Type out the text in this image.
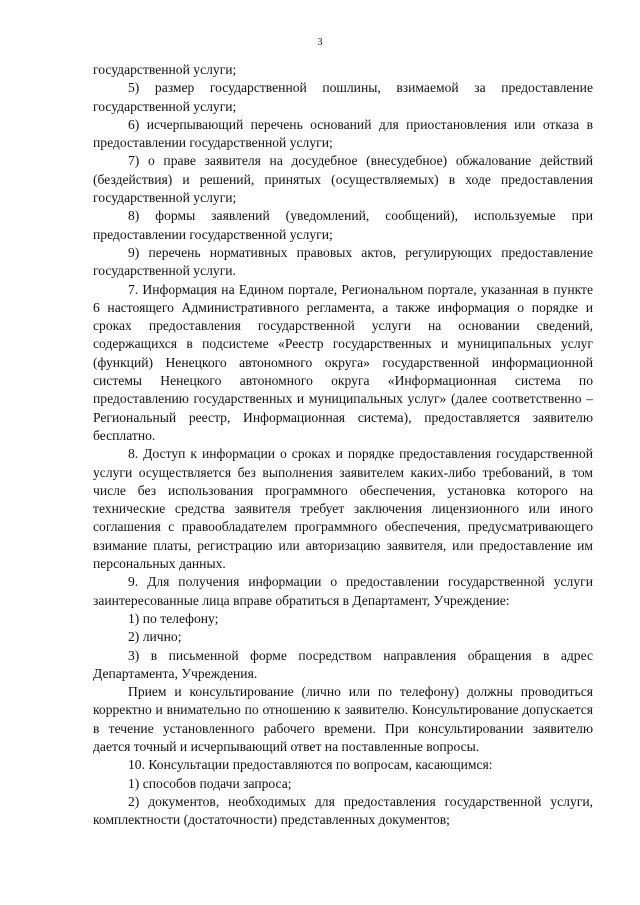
3

государственной услуги;

5) размер государственной пошлины, взимаемой за предоставление государственной услуги;

6) исчерпывающий перечень оснований для приостановления или отказа в предоставлении государственной услуги;

7) о праве заявителя на досудебное (внесудебное) обжалование действий (бездействия) и решений, принятых (осуществляемых) в ходе предоставления государственной услуги;

8) формы заявлений (уведомлений, сообщений), используемые при предоставлении государственной услуги;

9) перечень нормативных правовых актов, регулирующих предоставление государственной услуги.

7. Информация на Едином портале, Региональном портале, указанная в пункте 6 настоящего Административного регламента, а также информация о порядке и сроках предоставления государственной услуги на основании сведений, содержащихся в подсистеме «Реестр государственных и муниципальных услуг (функций) Ненецкого автономного округа» государственной информационной системы Ненецкого автономного округа «Информационная система по предоставлению государственных и муниципальных услуг» (далее соответственно – Региональный реестр, Информационная система), предоставляется заявителю бесплатно.

8. Доступ к информации о сроках и порядке предоставления государственной услуги осуществляется без выполнения заявителем каких-либо требований, в том числе без использования программного обеспечения, установка которого на технические средства заявителя требует заключения лицензионного или иного соглашения с правообладателем программного обеспечения, предусматривающего взимание платы, регистрацию или авторизацию заявителя, или предоставление им персональных данных.

9. Для получения информации о предоставлении государственной услуги заинтересованные лица вправе обратиться в Департамент, Учреждение:

1) по телефону;

2) лично;

3) в письменной форме посредством направления обращения в адрес Департамента, Учреждения.

Прием и консультирование (лично или по телефону) должны проводиться корректно и внимательно по отношению к заявителю. Консультирование допускается в течение установленного рабочего времени. При консультировании заявителю дается точный и исчерпывающий ответ на поставленные вопросы.

10. Консультации предоставляются по вопросам, касающимся:

1) способов подачи запроса;

2) документов, необходимых для предоставления государственной услуги, комплектности (достаточности) представленных документов;
